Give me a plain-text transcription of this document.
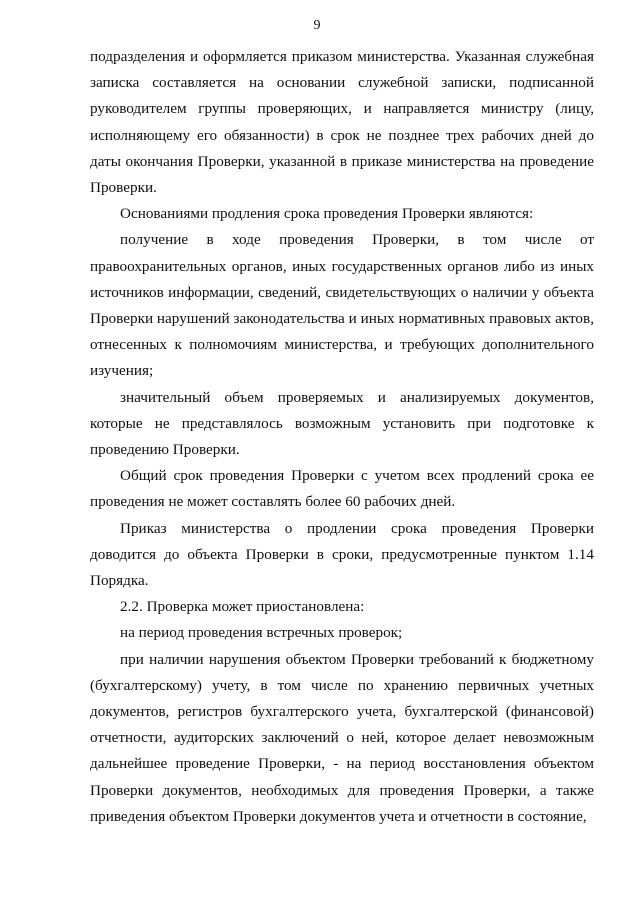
9

подразделения и оформляется приказом министерства. Указанная служебная записка составляется на основании служебной записки, подписанной руководителем группы проверяющих, и направляется министру (лицу, исполняющему его обязанности) в срок не позднее трех рабочих дней до даты окончания Проверки, указанной в приказе министерства на проведение Проверки.

Основаниями продления срока проведения Проверки являются:

получение в ходе проведения Проверки, в том числе от правоохранительных органов, иных государственных органов либо из иных источников информации, сведений, свидетельствующих о наличии у объекта Проверки нарушений законодательства и иных нормативных правовых актов, отнесенных к полномочиям министерства, и требующих дополнительного изучения;

значительный объем проверяемых и анализируемых документов, которые не представлялось возможным установить при подготовке к проведению Проверки.

Общий срок проведения Проверки с учетом всех продлений срока ее проведения не может составлять более 60 рабочих дней.

Приказ министерства о продлении срока проведения Проверки доводится до объекта Проверки в сроки, предусмотренные пунктом 1.14 Порядка.

2.2. Проверка может приостановлена:

на период проведения встречных проверок;

при наличии нарушения объектом Проверки требований к бюджетному (бухгалтерскому) учету, в том числе по хранению первичных учетных документов, регистров бухгалтерского учета, бухгалтерской (финансовой) отчетности, аудиторских заключений о ней, которое делает невозможным дальнейшее проведение Проверки, - на период восстановления объектом Проверки документов, необходимых для проведения Проверки, а также приведения объектом Проверки документов учета и отчетности в состояние,
